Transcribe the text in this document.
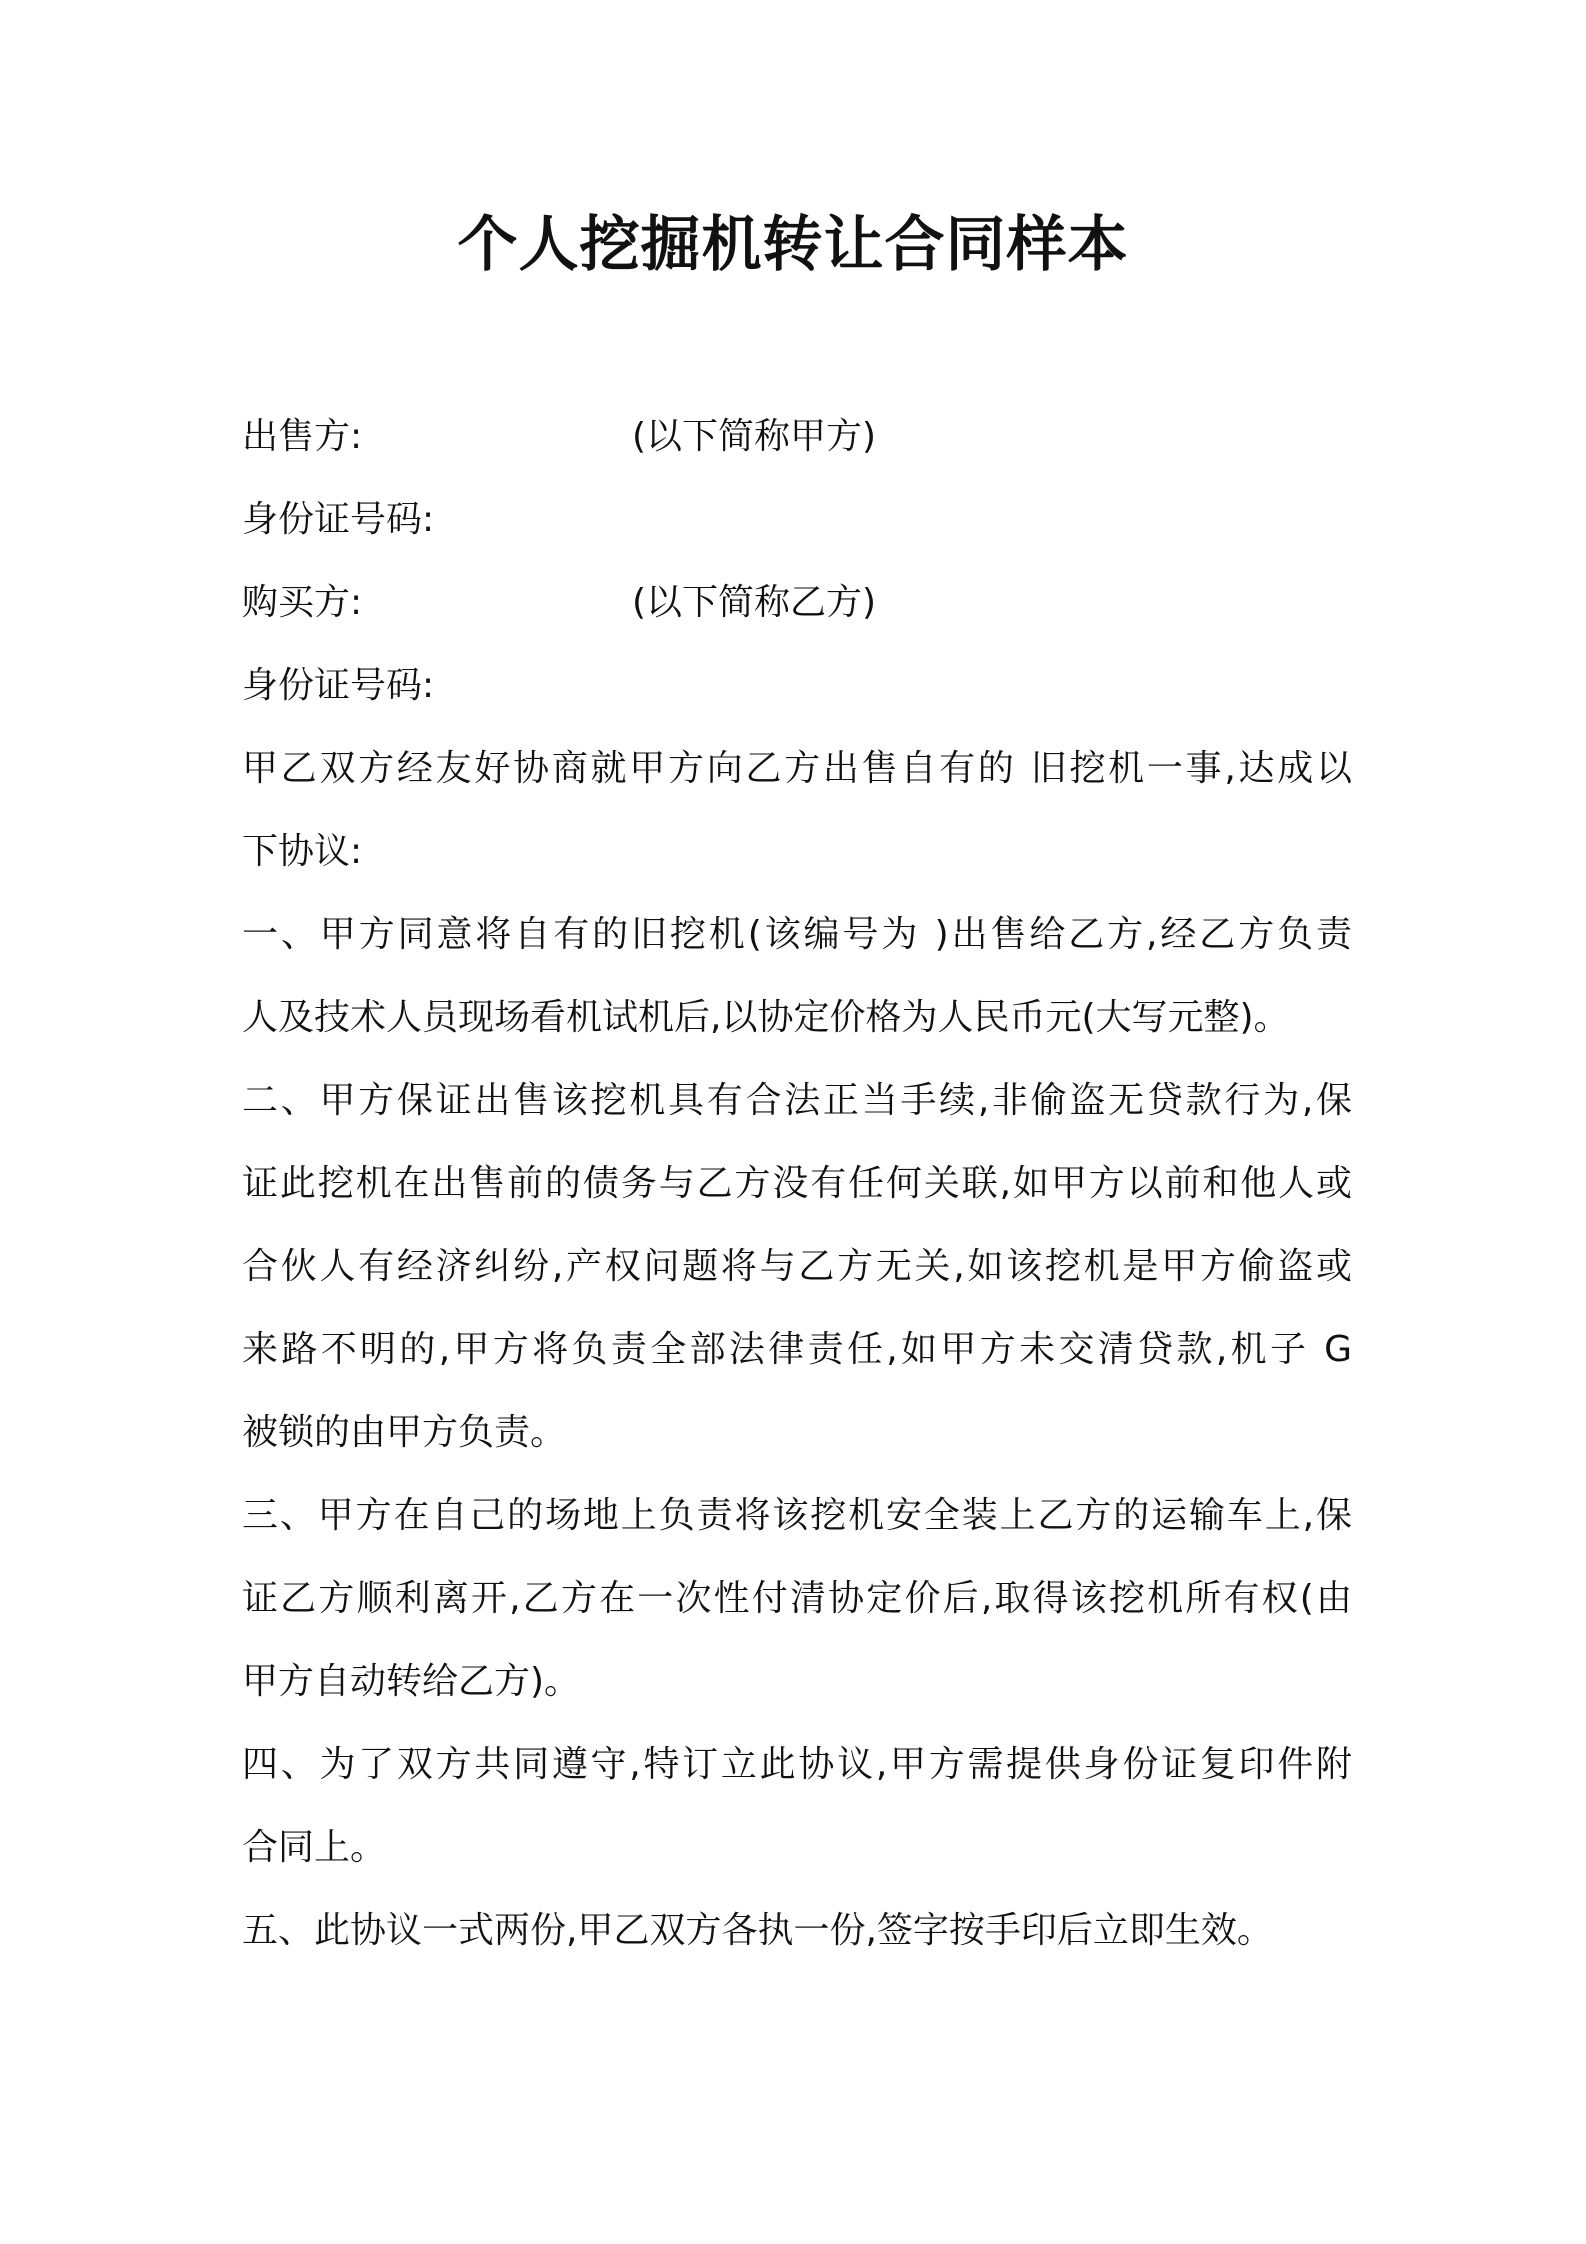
个人挖掘机转让合同样本

出售方:	(以下简称甲方)

身份证号码:

购买方:	(以下简称乙方)

身份证号码:

甲乙双方经友好协商就甲方向乙方出售自有的 旧挖机一事,达成以

下协议:

一、甲方同意将自有的旧挖机(该编号为 )出售给乙方,经乙方负责

人及技术人员现场看机试机后,以协定价格为人民币元(大写元整)。

二、甲方保证出售该挖机具有合法正当手续,非偷盗无贷款行为,保

证此挖机在出售前的债务与乙方没有任何关联,如甲方以前和他人或

合伙人有经济纠纷,产权问题将与乙方无关,如该挖机是甲方偷盗或

来路不明的,甲方将负责全部法律责任,如甲方未交清贷款,机子 G

被锁的由甲方负责。

三、甲方在自己的场地上负责将该挖机安全装上乙方的运输车上,保

证乙方顺利离开,乙方在一次性付清协定价后,取得该挖机所有权(由

甲方自动转给乙方)。

四、为了双方共同遵守,特订立此协议,甲方需提供身份证复印件附

合同上。

五、此协议一式两份,甲乙双方各执一份,签字按手印后立即生效。
